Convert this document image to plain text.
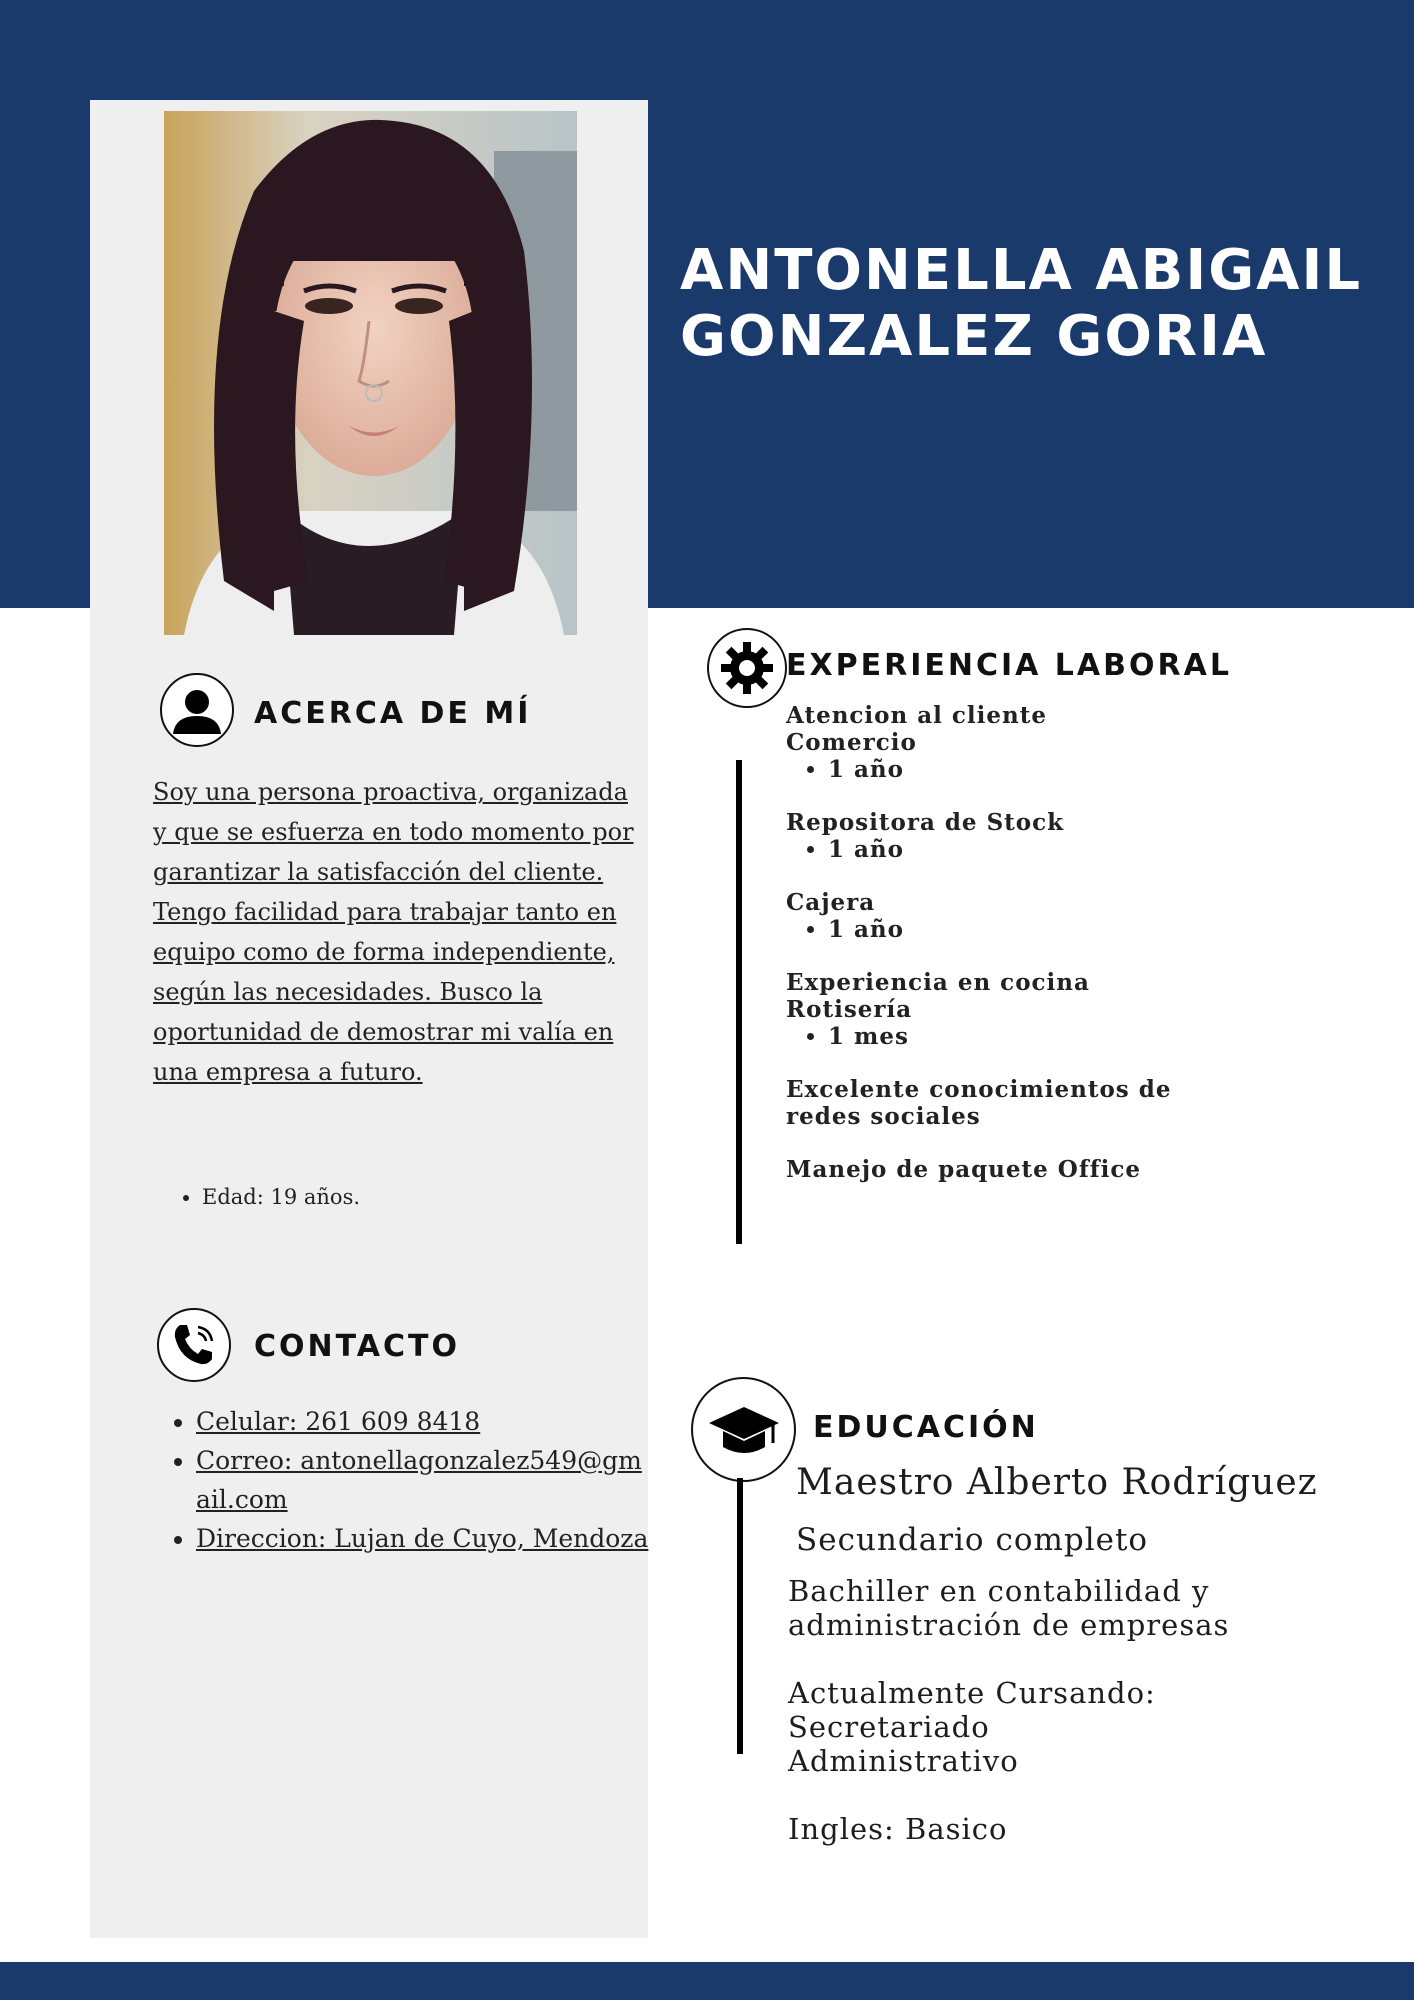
ANTONELLA ABIGAIL
GONZALEZ GORIA
ACERCA DE MÍ

Soy una persona proactiva, organizada y que se esfuerza en todo momento por garantizar la satisfacción del cliente. Tengo facilidad para trabajar tanto en equipo como de forma independiente, según las necesidades. Busco la oportunidad de demostrar mi valía en una empresa a futuro.

• Edad: 19 años.
CONTACTO
• Celular: 261 609 8418
• Correo: antonellagonzalez549@gmail.com
• Direccion: Lujan de Cuyo, Mendoza
EXPERIENCIA LABORAL

Atencion al cliente Comercio

• 1 año

Repositora de Stock

• 1 año

Cajera

• 1 año

Experiencia en cocina Rotisería

• 1 mes

Excelente conocimientos de redes sociales

Manejo de paquete Office

EDUCACIÓN

Maestro Alberto Rodríguez

Secundario completo

Bachiller en contabilidad y administración de empresas

Actualmente Cursando: Secretariado Administrativo

Ingles: Basico
